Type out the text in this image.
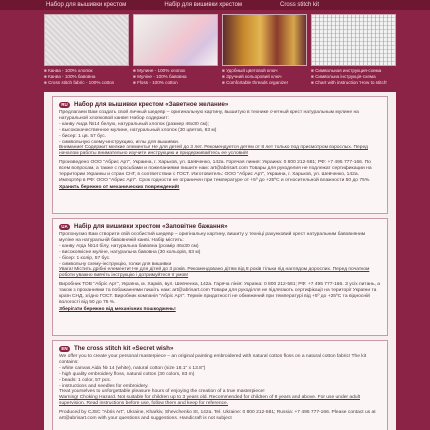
Набор для вышивки крестом	Набір для вишивки хрестом	Cross stitch kit
■ Канва - 100% хлопок
■ Канва - 100% бавовна
■ Cross stitch fabric - 100% cotton
■ Мулине - 100% хлопок
■ Муліне - 100% бавовна
■ Floss - 100% cotton
■ Удобный цветовой ключ
■ Зручний кольоровий ключ
■ Comfortable threads organizer
■ Символьная инструкция-схема
■ Символьна інструкція-схема
■ Chart with instruction 'How to stitch'
RU	Набор для вышивки крестом «Заветное желание»

Предлагаем Вам создать свой личный шедевр – оригинальную картину, вышитую в технике счетный крест натуральным мулине на натуральной хлопковой канве! Набор содержит:

- канву Аида №14 белую, натуральный хлопок (размер 46х30 см);

- высококачественное мулине, натуральный хлопок (30 цветов, 83 м)

- бисер: 1 цв. 57 бус.

- символьную схему-инструкцию, иглы для вышивки.

Внимание! Содержит мелкие элементы! Не для детей до 3 лет. Рекомендуется детям от 8 лет только под присмотром взрослых. Перед началом работы внимательно изучите инструкцию и придерживайтесь ее условий!

Произведено ООО "Абрис Арт", Украина, г. Харьков, ул. Шевченко, 142а. Горячая линия: Украина: 0 800 212-581; РФ: +7 495 777-166. По всем вопросам, а также с просьбами и пожеланиями пишите нам: art@abrisart.com Товары для рукоделия не подлежат сертификации на территории Украины и стран СНГ, в соответствии с ГОСТ. Изготовитель: ООО "Абрис Арт", Украина, г. Харьков, ул. Шевченко, 142а. Импортёр в РФ: ООО "Абрис Арт". Срок годности не ограничен при температуре от +5º до +25ºС и относительной влажности 50 до 75%.

Хранить бережно от механических повреждений!
UA	Набір для вишивки хрестом «Заповітне бажання»

Пропонуємо Вам створити свій особистий шедевр – оригінальну картину, вишиту у техніці рахунковий хрест натуральним бавовняним муліне на натуральній бавовняній канві. Набір містить:

- канву Аїда №14 білу, натуральна бавовна (розмір 46х30 см)

- високоякісне муліне, натуральна бавовна (30 кольорів, 83 м)

- бісер: 1 колір, 57 бус.

- символьну схему-інструкцію, голки для вишивки

Увага! Містить дрібні елементи! Не для дітей до 3 років. Рекомендовано дітям від 8 років тільки під наглядом дорослих. Перед початком роботи уважно вивчіть інструкцію і дотримуйтеся її умов!

Виробник ТОВ "Абріс Арт", Україна, м. Харків, вул. Шевченка, 142а. Гаряча лінія: Україна: 0 800 212-581; РФ: +7 495 777-166. З усіх питань, а також з проханнями та побажаннями пишіть нам: art@abrisart.com Товари для рукоділля не підлягають сертифікації на території України та країн СНД, згідно ГОСТ. Виробник компанія "Абріс Арт". Термін придатності не обмежений при температурі від +5º до +25ºС та відносній вологості від 50 до 75 %.

Зберігати бережно від механічних пошкоджень!
EN	The cross stitch kit «Secret wish»

We offer you to create your personal masterpiece – an original painting embroidered with natural cotton floss on a natural cotton fabric! The kit contains:

- white canvas Aida № 14 (white), natural cotton (size 18.1" x 13.8")

- high quality embroidery floss, natural cotton (30 colors, 83 m)

- beads: 1 color, 57 pcs.

- instructions and needles for embroidery.

Treat yourselves to unforgettable pleasure hours of enjoying the creation of a true masterpiece!

Warning! Choking Hazard. Not suitable for children up to 3 years old. Recommended for children of 8 years and above. For use under adult supervision. Read instructions before use, follow them and keep for reference.

Produced by CJSC "Abris Art", Ukraine, Kharkiv, Shevchenko St, 142a. Tel. Ukraine: 0 800 212-581; Russia: +7 495 777-166. Please contact us at art@abrisart.com with your questions and suggestions. Handicraft is not subject
